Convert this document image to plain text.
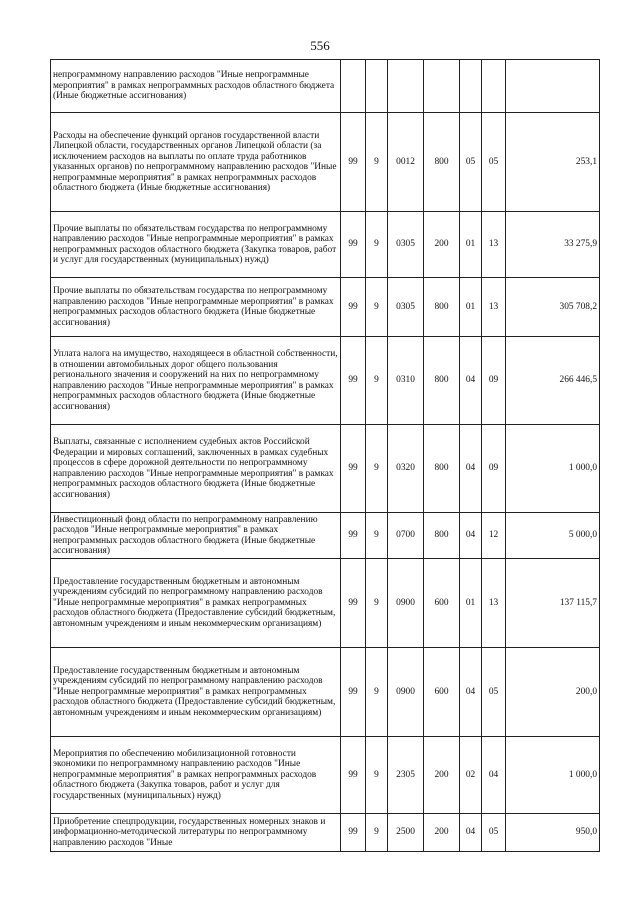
556
непрограммному направлению расходов "Иные непрограммные мероприятия" в рамках непрограммных расходов областного бюджета (Иные бюджетные ассигнования)							
Расходы на обеспечение функций органов государственной власти Липецкой области, государственных органов Липецкой области (за исключением расходов на выплаты по оплате труда работников указанных органов) по непрограммному направлению расходов "Иные непрограммные мероприятия" в рамках непрограммных расходов областного бюджета (Иные бюджетные ассигнования)	99	9	0012	800	05	05	253,1
Прочие выплаты по обязательствам государства по непрограммному направлению расходов "Иные непрограммные мероприятия" в рамках непрограммных расходов областного бюджета (Закупка товаров, работ и услуг для государственных (муниципальных) нужд)	99	9	0305	200	01	13	33 275,9
Прочие выплаты по обязательствам государства по непрограммному направлению расходов "Иные непрограммные мероприятия" в рамках непрограммных расходов областного бюджета (Иные бюджетные ассигнования)	99	9	0305	800	01	13	305 708,2
Уплата налога на имущество, находящееся в областной собственности, в отношении автомобильных дорог общего пользования регионального значения и сооружений на них по непрограммному направлению расходов "Иные непрограммные мероприятия" в рамках непрограммных расходов областного бюджета (Иные бюджетные ассигнования)	99	9	0310	800	04	09	266 446,5
Выплаты, связанные с исполнением судебных актов Российской Федерации и мировых соглашений, заключенных в рамках судебных процессов в сфере дорожной деятельности по непрограммному направлению расходов "Иные непрограммные мероприятия" в рамках непрограммных расходов областного бюджета (Иные бюджетные ассигнования)	99	9	0320	800	04	09	1 000,0
Инвестиционный фонд области по непрограммному направлению расходов "Иные непрограммные мероприятия" в рамках непрограммных расходов областного бюджета (Иные бюджетные ассигнования)	99	9	0700	800	04	12	5 000,0
Предоставление государственным бюджетным и автономным учреждениям субсидий по непрограммному направлению расходов "Иные непрограммные мероприятия" в рамках непрограммных расходов областного бюджета (Предоставление субсидий бюджетным, автономным учреждениям и иным некоммерческим организациям)	99	9	0900	600	01	13	137 115,7
Предоставление государственным бюджетным и автономным учреждениям субсидий по непрограммному направлению расходов "Иные непрограммные мероприятия" в рамках непрограммных расходов областного бюджета (Предоставление субсидий бюджетным, автономным учреждениям и иным некоммерческим организациям)	99	9	0900	600	04	05	200,0
Мероприятия по обеспечению мобилизационной готовности экономики по непрограммному направлению расходов "Иные непрограммные мероприятия" в рамках непрограммных расходов областного бюджета (Закупка товаров, работ и услуг для государственных (муниципальных) нужд)	99	9	2305	200	02	04	1 000,0
Приобретение спецпродукции, государственных номерных знаков и информационно-методической литературы по непрограммному направлению расходов "Иные	99	9	2500	200	04	05	950,0
